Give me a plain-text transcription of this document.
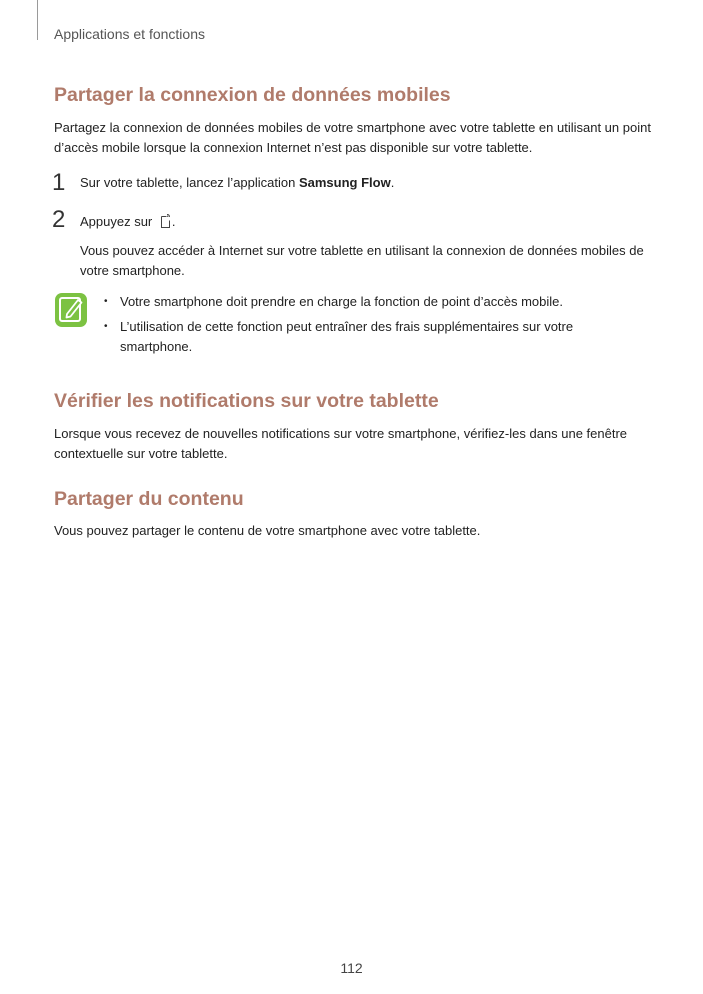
Applications et fonctions
Partager la connexion de données mobiles

Partagez la connexion de données mobiles de votre smartphone avec votre tablette en utilisant un point d’accès mobile lorsque la connexion Internet n’est pas disponible sur votre tablette.

1 Sur votre tablette, lancez l’application Samsung Flow.

2 Appuyez sur .

Vous pouvez accéder à Internet sur votre tablette en utilisant la connexion de données mobiles de votre smartphone.

• Votre smartphone doit prendre en charge la fonction de point d’accès mobile.
• L’utilisation de cette fonction peut entraîner des frais supplémentaires sur votre smartphone.
Vérifier les notifications sur votre tablette

Lorsque vous recevez de nouvelles notifications sur votre smartphone, vérifiez-les dans une fenêtre contextuelle sur votre tablette.

Partager du contenu

Vous pouvez partager le contenu de votre smartphone avec votre tablette.

112
